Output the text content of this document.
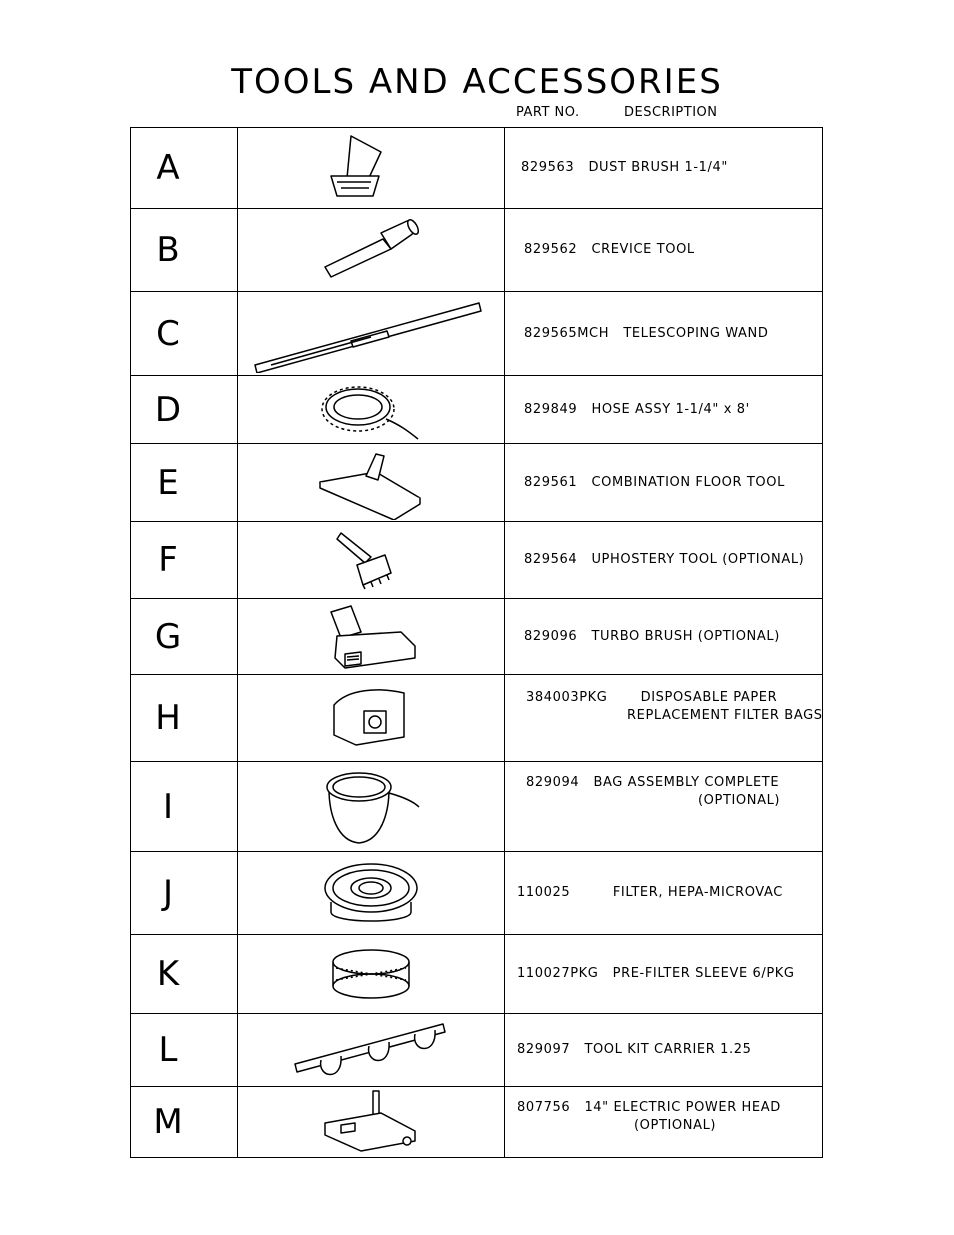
TOOLS AND ACCESSORIES
PART NO.	DESCRIPTION
A		829563 DUST BRUSH 1-1/4"
B		829562 CREVICE TOOL
C		829565MCH TELESCOPING WAND
D		829849 HOSE ASSY 1-1/4" x 8'
E		829561 COMBINATION FLOOR TOOL
F		829564 UPHOSTERY TOOL (OPTIONAL)
G		829096 TURBO BRUSH (OPTIONAL)
H		384003PKG DISPOSABLE PAPER
REPLACEMENT FILTER BAGS
I		829094 BAG ASSEMBLY COMPLETE
(OPTIONAL)
J		110025 FILTER, HEPA-MICROVAC
K		110027PKG PRE-FILTER SLEEVE 6/PKG
L		829097 TOOL KIT CARRIER 1.25
M		807756 14" ELECTRIC POWER HEAD
(OPTIONAL)
